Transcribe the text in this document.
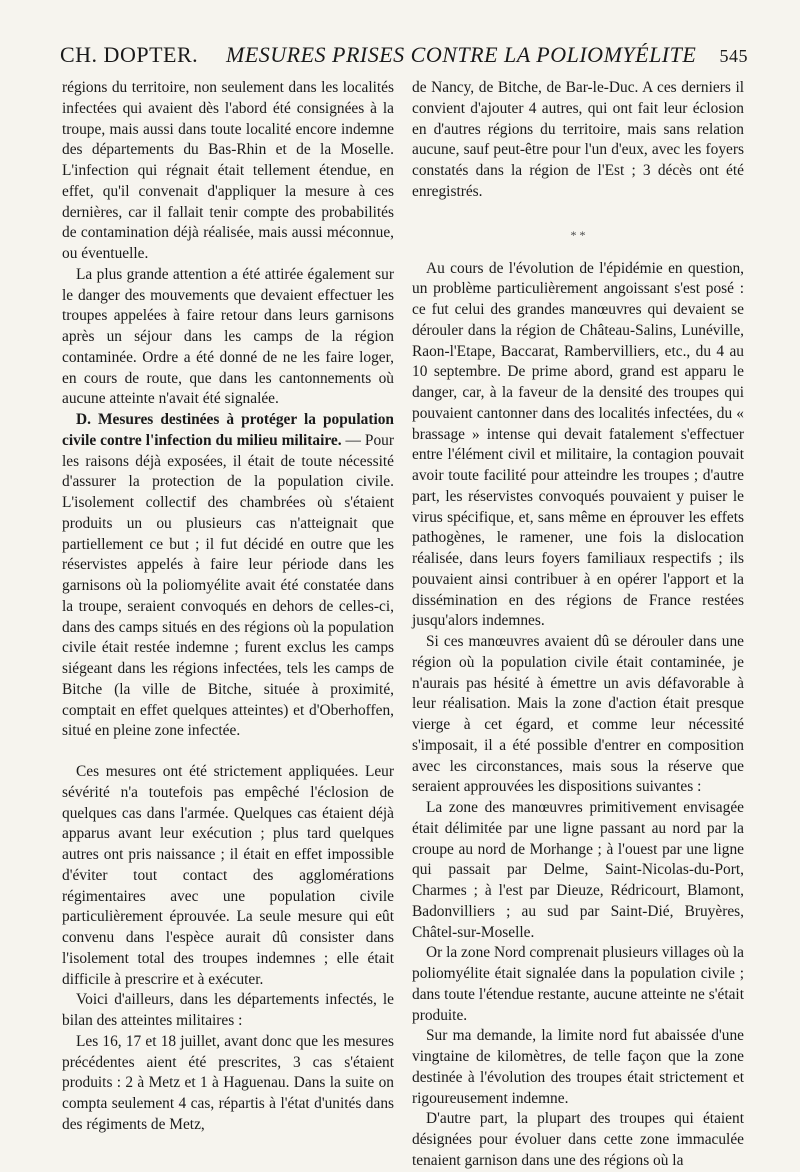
CH. DOPTER. MESURES PRISES CONTRE LA POLIOMYÉLITE 545

régions du territoire, non seulement dans les localités infectées qui avaient dès l'abord été consignées à la troupe, mais aussi dans toute localité encore indemne des départements du Bas-Rhin et de la Moselle. L'infection qui régnait était tellement étendue, en effet, qu'il convenait d'appliquer la mesure à ces dernières, car il fallait tenir compte des probabilités de contamination déjà réalisée, mais aussi méconnue, ou éventuelle.

La plus grande attention a été attirée également sur le danger des mouvements que devaient effectuer les troupes appelées à faire retour dans leurs garnisons après un séjour dans les camps de la région contaminée. Ordre a été donné de ne les faire loger, en cours de route, que dans les cantonnements où aucune atteinte n'avait été signalée.

D. Mesures destinées à protéger la population civile contre l'infection du milieu militaire. — Pour les raisons déjà exposées, il était de toute nécessité d'assurer la protection de la population civile. L'isolement collectif des chambrées où s'étaient produits un ou plusieurs cas n'atteignait que partiellement ce but ; il fut décidé en outre que les réservistes appelés à faire leur période dans les garnisons où la poliomyélite avait été constatée dans la troupe, seraient convoqués en dehors de celles-ci, dans des camps situés en des régions où la population civile était restée indemne ; furent exclus les camps siégeant dans les régions infectées, tels les camps de Bitche (la ville de Bitche, située à proximité, comptait en effet quelques atteintes) et d'Oberhoffen, situé en pleine zone infectée.

Ces mesures ont été strictement appliquées. Leur sévérité n'a toutefois pas empêché l'éclosion de quelques cas dans l'armée. Quelques cas étaient déjà apparus avant leur exécution ; plus tard quelques autres ont pris naissance ; il était en effet impossible d'éviter tout contact des agglomérations régimentaires avec une population civile particulièrement éprouvée. La seule mesure qui eût convenu dans l'espèce aurait dû consister dans l'isolement total des troupes indemnes ; elle était difficile à prescrire et à exécuter.

Voici d'ailleurs, dans les départements infectés, le bilan des atteintes militaires :

Les 16, 17 et 18 juillet, avant donc que les mesures précédentes aient été prescrites, 3 cas s'étaient produits : 2 à Metz et 1 à Haguenau. Dans la suite on compta seulement 4 cas, répartis à l'état d'unités dans des régiments de Metz,

de Nancy, de Bitche, de Bar-le-Duc. A ces derniers il convient d'ajouter 4 autres, qui ont fait leur éclosion en d'autres régions du territoire, mais sans relation aucune, sauf peut-être pour l'un d'eux, avec les foyers constatés dans la région de l'Est ; 3 décès ont été enregistrés.

* *

Au cours de l'évolution de l'épidémie en question, un problème particulièrement angoissant s'est posé : ce fut celui des grandes manœuvres qui devaient se dérouler dans la région de Château-Salins, Lunéville, Raon-l'Etape, Baccarat, Rambervilliers, etc., du 4 au 10 septembre. De prime abord, grand est apparu le danger, car, à la faveur de la densité des troupes qui pouvaient cantonner dans des localités infectées, du « brassage » intense qui devait fatalement s'effectuer entre l'élément civil et militaire, la contagion pouvait avoir toute facilité pour atteindre les troupes ; d'autre part, les réservistes convoqués pouvaient y puiser le virus spécifique, et, sans même en éprouver les effets pathogènes, le ramener, une fois la dislocation réalisée, dans leurs foyers familiaux respectifs ; ils pouvaient ainsi contribuer à en opérer l'apport et la dissémination en des régions de France restées jusqu'alors indemnes.

Si ces manœuvres avaient dû se dérouler dans une région où la population civile était contaminée, je n'aurais pas hésité à émettre un avis défavorable à leur réalisation. Mais la zone d'action était presque vierge à cet égard, et comme leur nécessité s'imposait, il a été possible d'entrer en composition avec les circonstances, mais sous la réserve que seraient approuvées les dispositions suivantes :

La zone des manœuvres primitivement envisagée était délimitée par une ligne passant au nord par la croupe au nord de Morhange ; à l'ouest par une ligne qui passait par Delme, Saint-Nicolas-du-Port, Charmes ; à l'est par Dieuze, Rédricourt, Blamont, Badonvilliers ; au sud par Saint-Dié, Bruyères, Châtel-sur-Moselle.

Or la zone Nord comprenait plusieurs villages où la poliomyélite était signalée dans la population civile ; dans toute l'étendue restante, aucune atteinte ne s'était produite.

Sur ma demande, la limite nord fut abaissée d'une vingtaine de kilomètres, de telle façon que la zone destinée à l'évolution des troupes était strictement et rigoureusement indemne.

D'autre part, la plupart des troupes qui étaient désignées pour évoluer dans cette zone immaculée tenaient garnison dans une des régions où la
